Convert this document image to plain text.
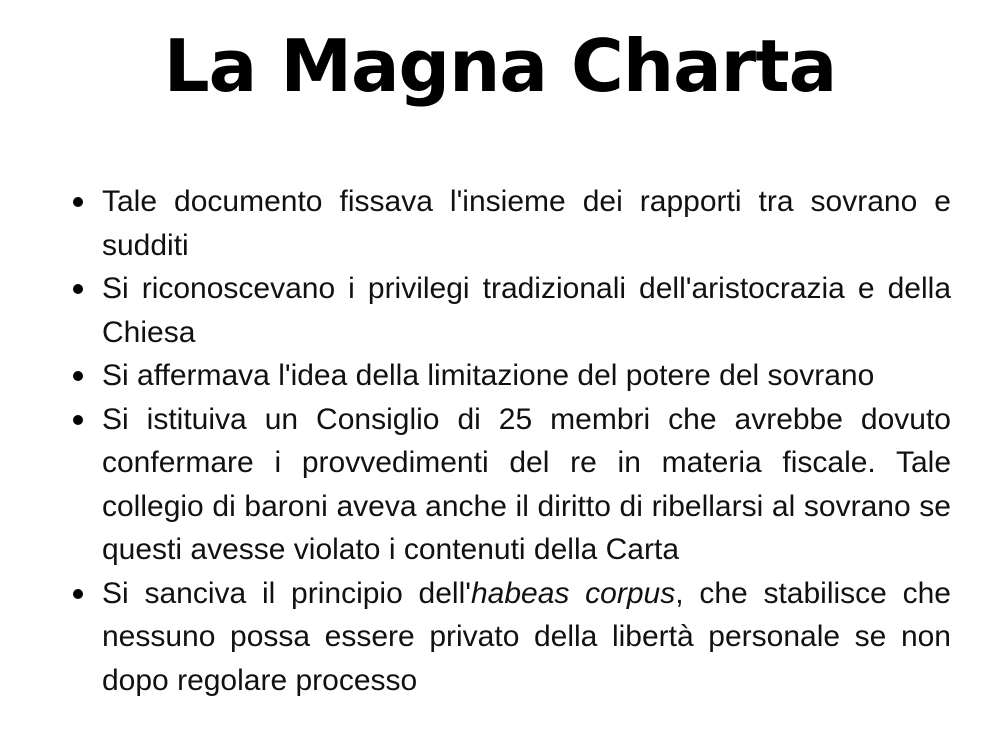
La Magna Charta
Tale documento fissava l'insieme dei rapporti tra sovrano e sudditi
Si riconoscevano i privilegi tradizionali dell'aristocrazia e della Chiesa
Si affermava l'idea della limitazione del potere del sovrano
Si istituiva un Consiglio di 25 membri che avrebbe dovuto confermare i provvedimenti del re in materia fiscale. Tale collegio di baroni aveva anche il diritto di ribellarsi al sovrano se questi avesse violato i contenuti della Carta
Si sanciva il principio dell'habeas corpus, che stabilisce che nessuno possa essere privato della libertà personale se non dopo regolare processo
